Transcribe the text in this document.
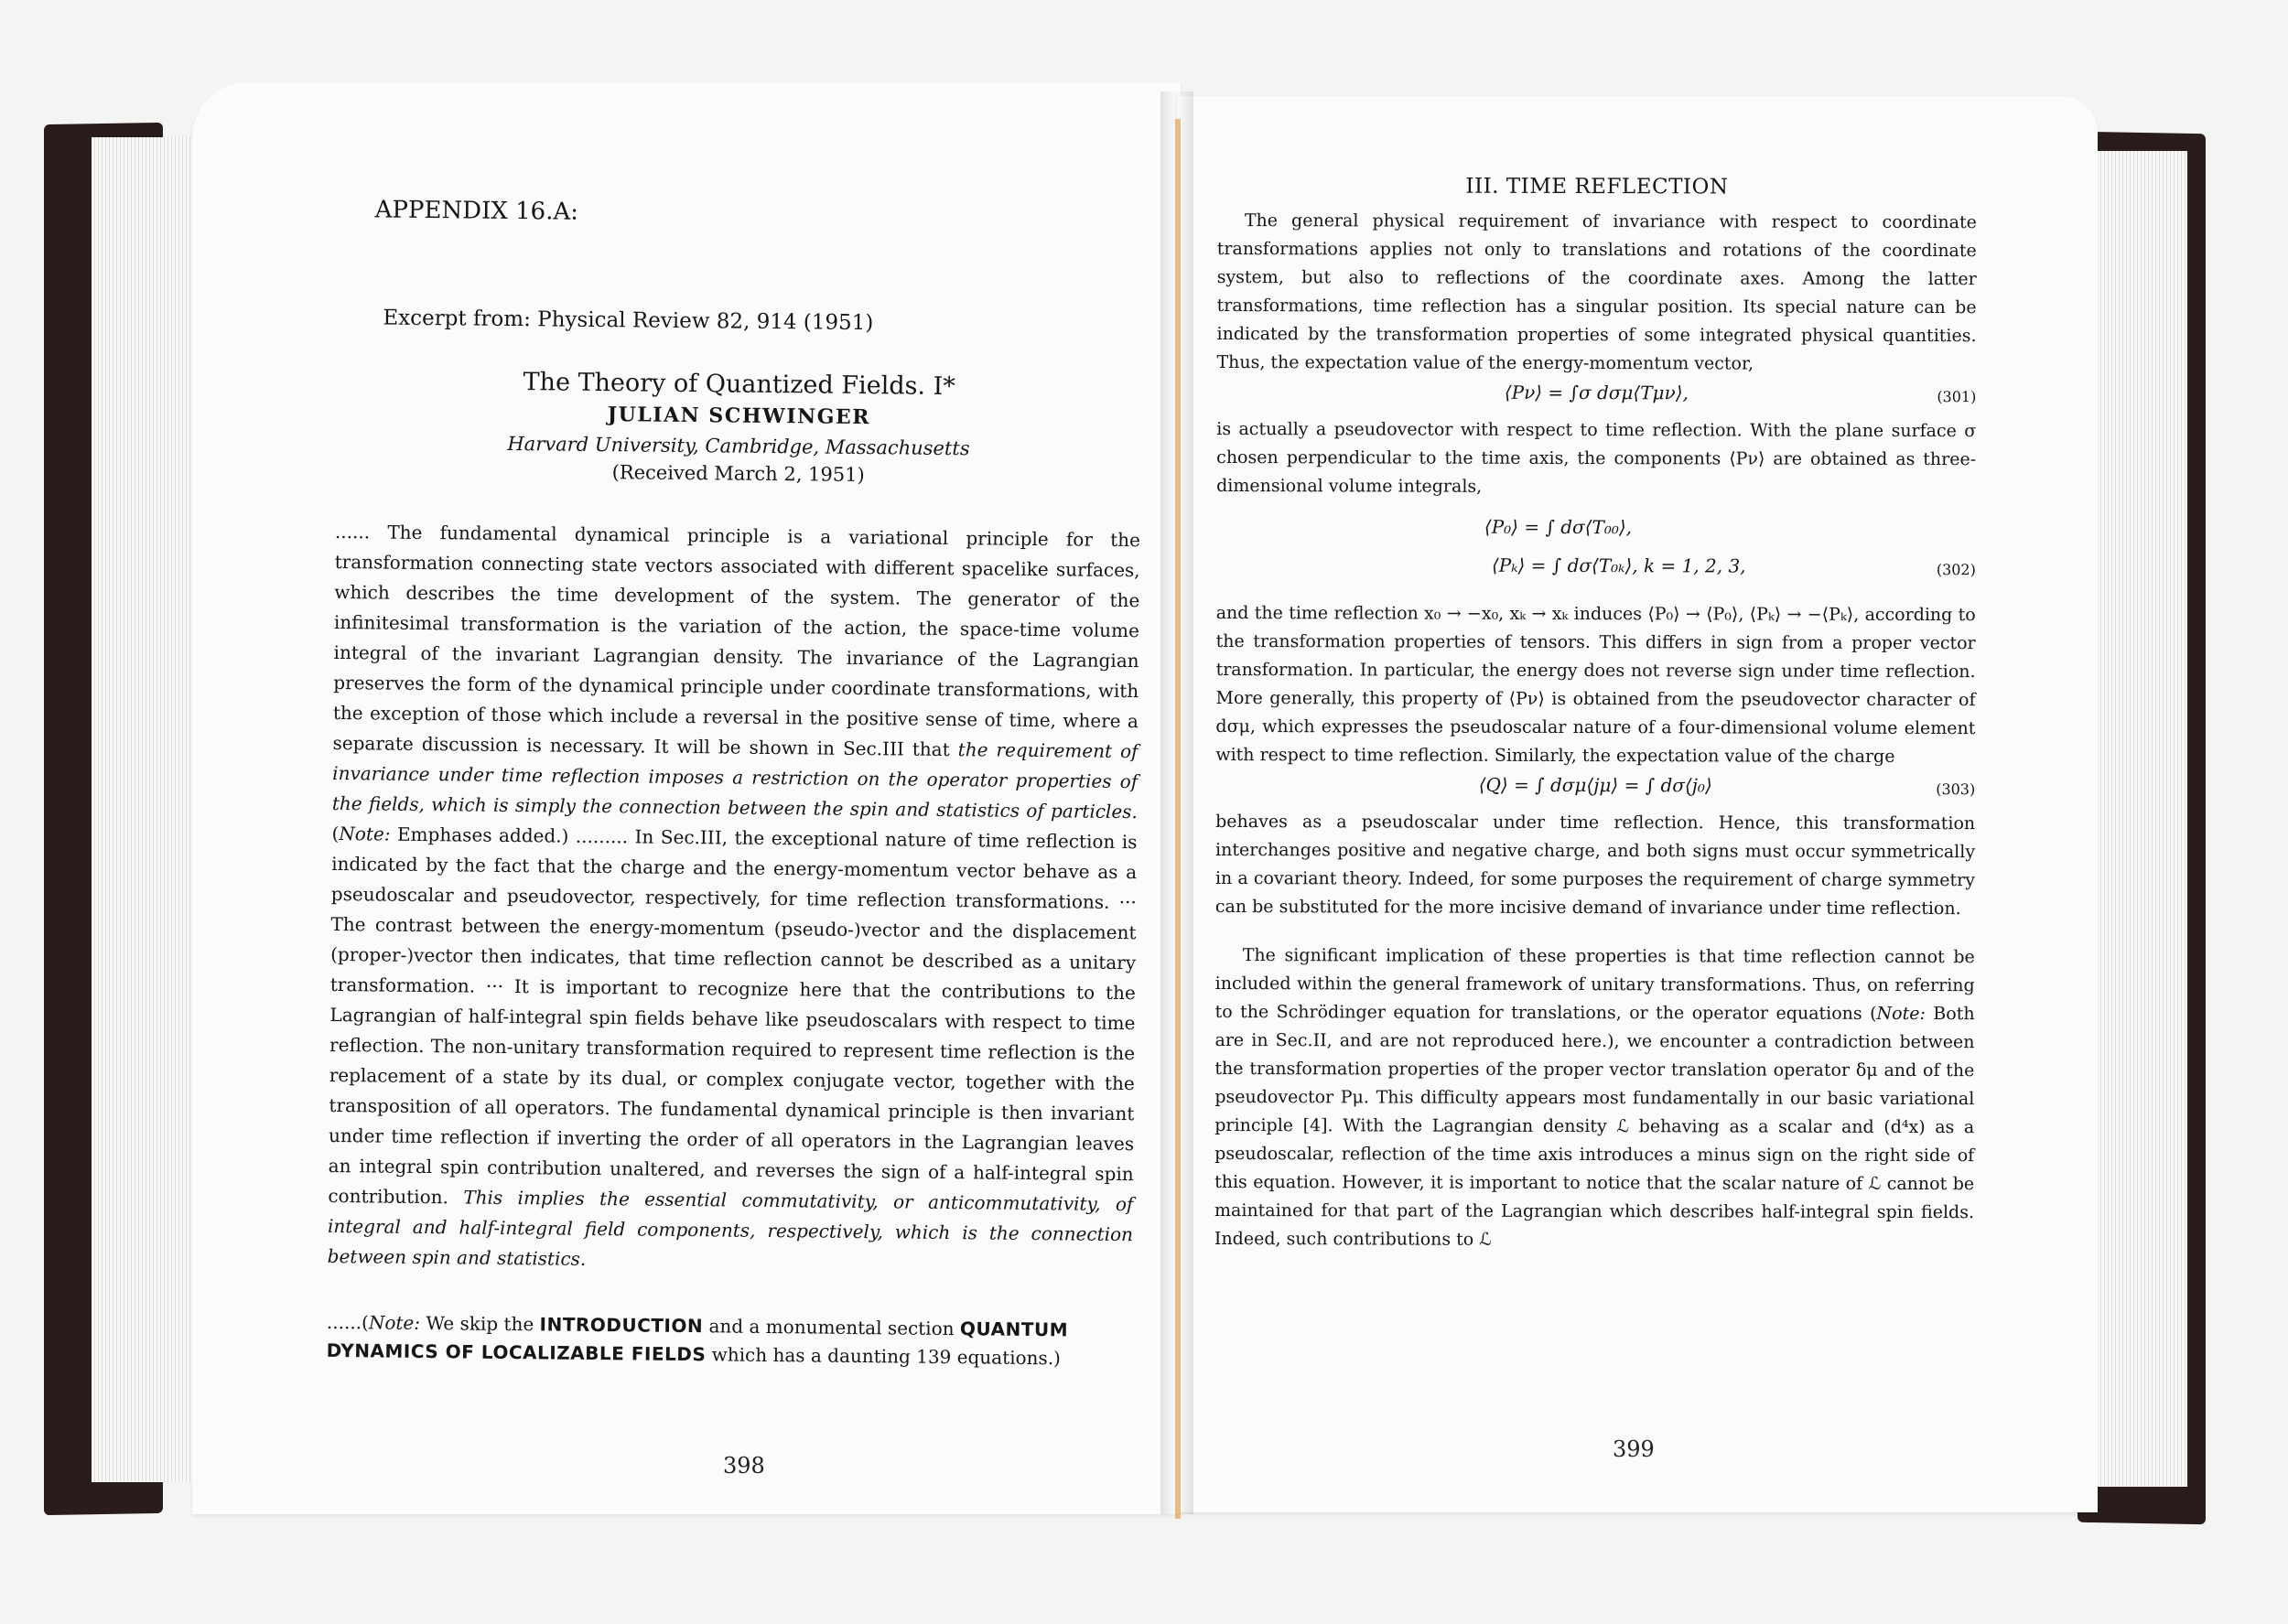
APPENDIX 16.A:
Excerpt from: Physical Review 82, 914 (1951)
The Theory of Quantized Fields. I*
JULIAN SCHWINGER
Harvard University, Cambridge, Massachusetts
(Received March 2, 1951)
...... The fundamental dynamical principle is a variational principle for the transformation connecting state vectors associated with different spacelike surfaces, which describes the time development of the system. The generator of the infinitesimal transformation is the variation of the action, the space-time volume integral of the invariant Lagrangian density. The invariance of the Lagrangian preserves the form of the dynamical principle under coordinate transformations, with the exception of those which include a reversal in the positive sense of time, where a separate discussion is necessary. It will be shown in Sec.III that the requirement of invariance under time reflection imposes a restriction on the operator properties of the fields, which is simply the connection between the spin and statistics of particles. (Note: Emphases added.) ......... In Sec.III, the exceptional nature of time reflection is indicated by the fact that the charge and the energy-momentum vector behave as a pseudoscalar and pseudovector, respectively, for time reflection transformations. ··· The contrast between the energy-momentum (pseudo-)vector and the displacement (proper-)vector then indicates, that time reflection cannot be described as a unitary transformation. ··· It is important to recognize here that the contributions to the Lagrangian of half-integral spin fields behave like pseudoscalars with respect to time reflection. The non-unitary transformation required to represent time reflection is the replacement of a state by its dual, or complex conjugate vector, together with the transposition of all operators. The fundamental dynamical principle is then invariant under time reflection if inverting the order of all operators in the Lagrangian leaves an integral spin contribution unaltered, and reverses the sign of a half-integral spin contribution. This implies the essential commutativity, or anticommutativity, of integral and half-integral field components, respectively, which is the connection between spin and statistics.
......(Note: We skip the INTRODUCTION and a monumental section QUANTUM DYNAMICS OF LOCALIZABLE FIELDS which has a daunting 139 equations.)
398
III. TIME REFLECTION
The general physical requirement of invariance with respect to coordinate transformations applies not only to translations and rotations of the coordinate system, but also to reflections of the coordinate axes. Among the latter transformations, time reflection has a singular position. Its special nature can be indicated by the transformation properties of some integrated physical quantities. Thus, the expectation value of the energy-momentum vector,
⟨Pν⟩ = ∫σ dσμ⟨Tμν⟩,	(301)
is actually a pseudovector with respect to time reflection. With the plane surface σ chosen perpendicular to the time axis, the components ⟨Pν⟩ are obtained as three-dimensional volume integrals,
⟨P₀⟩ = ∫ dσ⟨T₀₀⟩,
⟨Pₖ⟩ = ∫ dσ⟨T₀ₖ⟩, k = 1, 2, 3,	(302)
and the time reflection x₀ → −x₀, xₖ → xₖ induces ⟨P₀⟩ → ⟨P₀⟩, ⟨Pₖ⟩ → −⟨Pₖ⟩, according to the transformation properties of tensors. This differs in sign from a proper vector transformation. In particular, the energy does not reverse sign under time reflection. More generally, this property of ⟨Pν⟩ is obtained from the pseudovector character of dσμ, which expresses the pseudoscalar nature of a four-dimensional volume element with respect to time reflection. Similarly, the expectation value of the charge
⟨Q⟩ = ∫ dσμ⟨jμ⟩ = ∫ dσ⟨j₀⟩	(303)
behaves as a pseudoscalar under time reflection. Hence, this transformation interchanges positive and negative charge, and both signs must occur symmetrically in a covariant theory. Indeed, for some purposes the requirement of charge symmetry can be substituted for the more incisive demand of invariance under time reflection.
The significant implication of these properties is that time reflection cannot be included within the general framework of unitary transformations. Thus, on referring to the Schrödinger equation for translations, or the operator equations (Note: Both are in Sec.II, and are not reproduced here.), we encounter a contradiction between the transformation properties of the proper vector translation operator δμ and of the pseudovector Pμ. This difficulty appears most fundamentally in our basic variational principle [4]. With the Lagrangian density ℒ behaving as a scalar and (d⁴x) as a pseudoscalar, reflection of the time axis introduces a minus sign on the right side of this equation. However, it is important to notice that the scalar nature of ℒ cannot be maintained for that part of the Lagrangian which describes half-integral spin fields. Indeed, such contributions to ℒ
399
